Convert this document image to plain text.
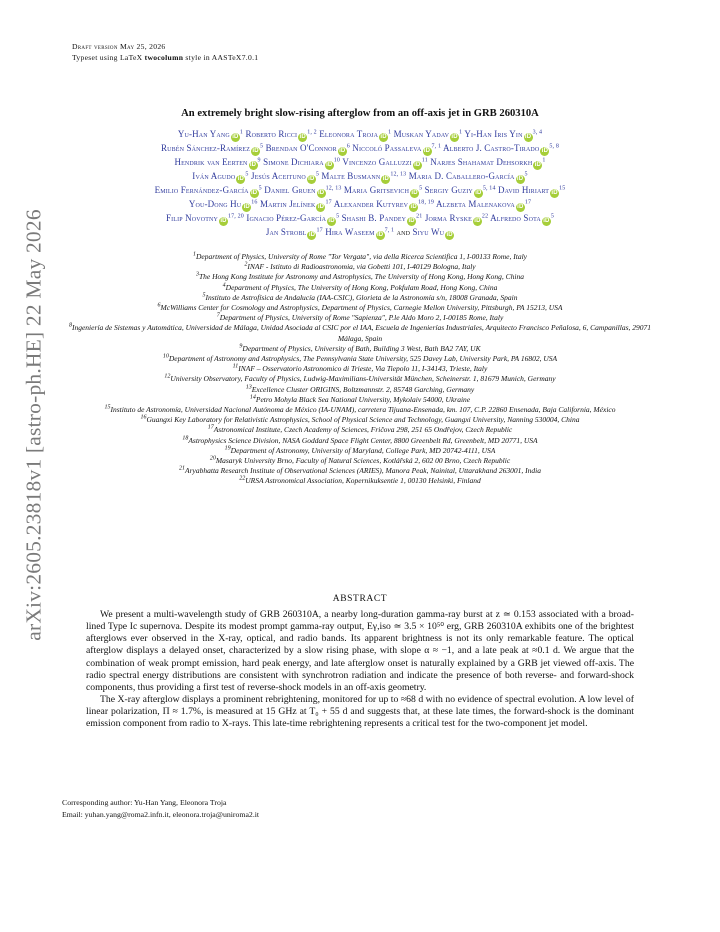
arXiv:2605.23818v1 [astro-ph.HE] 22 May 2026
Draft version May 25, 2026
Typeset using LaTeX twocolumn style in AASTeX7.0.1
An extremely bright slow-rising afterglow from an off-axis jet in GRB 260310A
Yu-Han Yang $iD^1$ Roberto Ricci iD$^{1, 2}$ Eleonora Troja $iD^1$ Muskan Yadav $iD^1$ Yi-Han Iris Yin iD$^{3, 4}$
Rubén Sánchez-Ramírez $iD^5$ Brendan O'Connor $iD^6$ Niccoló Passaleva iD$^{7, 1}$ Alberto J. Castro-Tirado iD$^{5, 8}$
Hendrik van Eerten $iD^9$ Simone Dichiara $iD^{10}$ Vincenzo Galluzzi $iD^{11}$ Narjes Shahamat Dehsorkh $iD^1$
Iván Agudo $iD^5$ Jesús Aceituno $iD^5$ Malte Busmann iD$^{12, 13}$ Maria D. Caballero-García $iD^5$
Emilio Fernández-García $iD^5$ Daniel Gruen iD$^{12, 13}$ Maria Gritsevich $iD^5$ Sergiy Guziy iD$^{5, 14}$ David Hiriart $iD^{15}$
You-Dong Hu $iD^{16}$ Martin Jelínek $iD^{17}$ Alexander Kutyrev iD$^{18, 19}$ Alzbeta Malenakova $iD^{17}$
Filip Novotny iD$^{17, 20}$ Ignacio Pérez-García $iD^5$ Shashi B. Pandey $iD^{21}$ Jorma Ryske $iD^{22}$ Alfredo Sota $iD^5$
Jan Strobl $iD^{17}$ Hira Waseem iD$^{7, 1}$ and Siyu Wu iD
$^1$Department of Physics, University of Rome "Tor Vergata", via della Ricerca Scientifica 1, I-00133 Rome, Italy
$^2$INAF - Istituto di Radioastronomia, via Gobetti 101, I-40129 Bologna, Italy
$^3$The Hong Kong Institute for Astronomy and Astrophysics, The University of Hong Kong, Hong Kong, China
$^4$Department of Physics, The University of Hong Kong, Pokfulam Road, Hong Kong, China
$^5$Instituto de Astrofísica de Andalucía (IAA-CSIC), Glorieta de la Astronomía s/n, 18008 Granada, Spain
$^6$McWilliams Center for Cosmology and Astrophysics, Department of Physics, Carnegie Mellon University, Pittsburgh, PA 15213, USA
$^7$Department of Physics, University of Rome "Sapienza", P.le Aldo Moro 2, I-00185 Rome, Italy
$^8$Ingeniería de Sistemas y Automática, Universidad de Málaga, Unidad Asociada al CSIC por el IAA, Escuela de Ingenierías Industriales, Arquitecto Francisco Peñalosa, 6, Campanillas, 29071 Málaga, Spain
$^9$Department of Physics, University of Bath, Building 3 West, Bath BA2 7AY, UK
$^{10}$Department of Astronomy and Astrophysics, The Pennsylvania State University, 525 Davey Lab, University Park, PA 16802, USA
$^{11}$INAF – Osservatorio Astronomico di Trieste, Via Tiepolo 11, I-34143, Trieste, Italy
$^{12}$University Observatory, Faculty of Physics, Ludwig-Maximilians-Universität München, Scheinerstr. 1, 81679 Munich, Germany
$^{13}$Excellence Cluster ORIGINS, Boltzmannstr. 2, 85748 Garching, Germany
$^{14}$Petro Mohyla Black Sea National University, Mykolaiv 54000, Ukraine
$^{15}$Instituto de Astronomía, Universidad Nacional Autónoma de México (IA-UNAM), carretera Tijuana-Ensenada, km. 107, C.P. 22860 Ensenada, Baja California, México
$^{16}$Guangxi Key Laboratory for Relativistic Astrophysics, School of Physical Science and Technology, Guangxi University, Nanning 530004, China
$^{17}$Astronomical Institute, Czech Academy of Sciences, Fričova 298, 251 65 Ondřejov, Czech Republic
$^{18}$Astrophysics Science Division, NASA Goddard Space Flight Center, 8800 Greenbelt Rd, Greenbelt, MD 20771, USA
$^{19}$Department of Astronomy, University of Maryland, College Park, MD 20742-4111, USA
$^{20}$Masaryk University Brno, Faculty of Natural Sciences, Kotlářská 2, 602 00 Brno, Czech Republic
$^{21}$Aryabhatta Research Institute of Observational Sciences (ARIES), Manora Peak, Nainital, Uttarakhand 263001, India
$^{22}$URSA Astronomical Association, Kopernikuksentie 1, 00130 Helsinki, Finland
ABSTRACT

We present a multi-wavelength study of GRB 260310A, a nearby long-duration gamma-ray burst at z ≃ 0.153 associated with a broad-lined Type Ic supernova. Despite its modest prompt gamma-ray output, Eγ,iso ≃ 3.5 × 10⁵⁰ erg, GRB 260310A exhibits one of the brightest afterglows ever observed in the X-ray, optical, and radio bands. Its apparent brightness is not its only remarkable feature. The optical afterglow displays a delayed onset, characterized by a slow rising phase, with slope α ≈ −1, and a late peak at ≈0.1 d. We argue that the combination of weak prompt emission, hard peak energy, and late afterglow onset is naturally explained by a GRB jet viewed off-axis. The radio spectral energy distributions are consistent with synchrotron radiation and indicate the presence of both reverse- and forward-shock components, thus providing a first test of reverse-shock models in an off-axis geometry.

The X-ray afterglow displays a prominent rebrightening, monitored for up to ≈68 d with no evidence of spectral evolution. A low level of linear polarization, Π ≈ 1.7%, is measured at 15 GHz at T₀ + 55 d and suggests that, at these late times, the forward-shock is the dominant emission component from radio to X-rays. This late-time rebrightening represents a critical test for the two-component jet model.

Corresponding author: Yu-Han Yang, Eleonora Troja
Email: yuhan.yang@roma2.infn.it, eleonora.troja@uniroma2.it
